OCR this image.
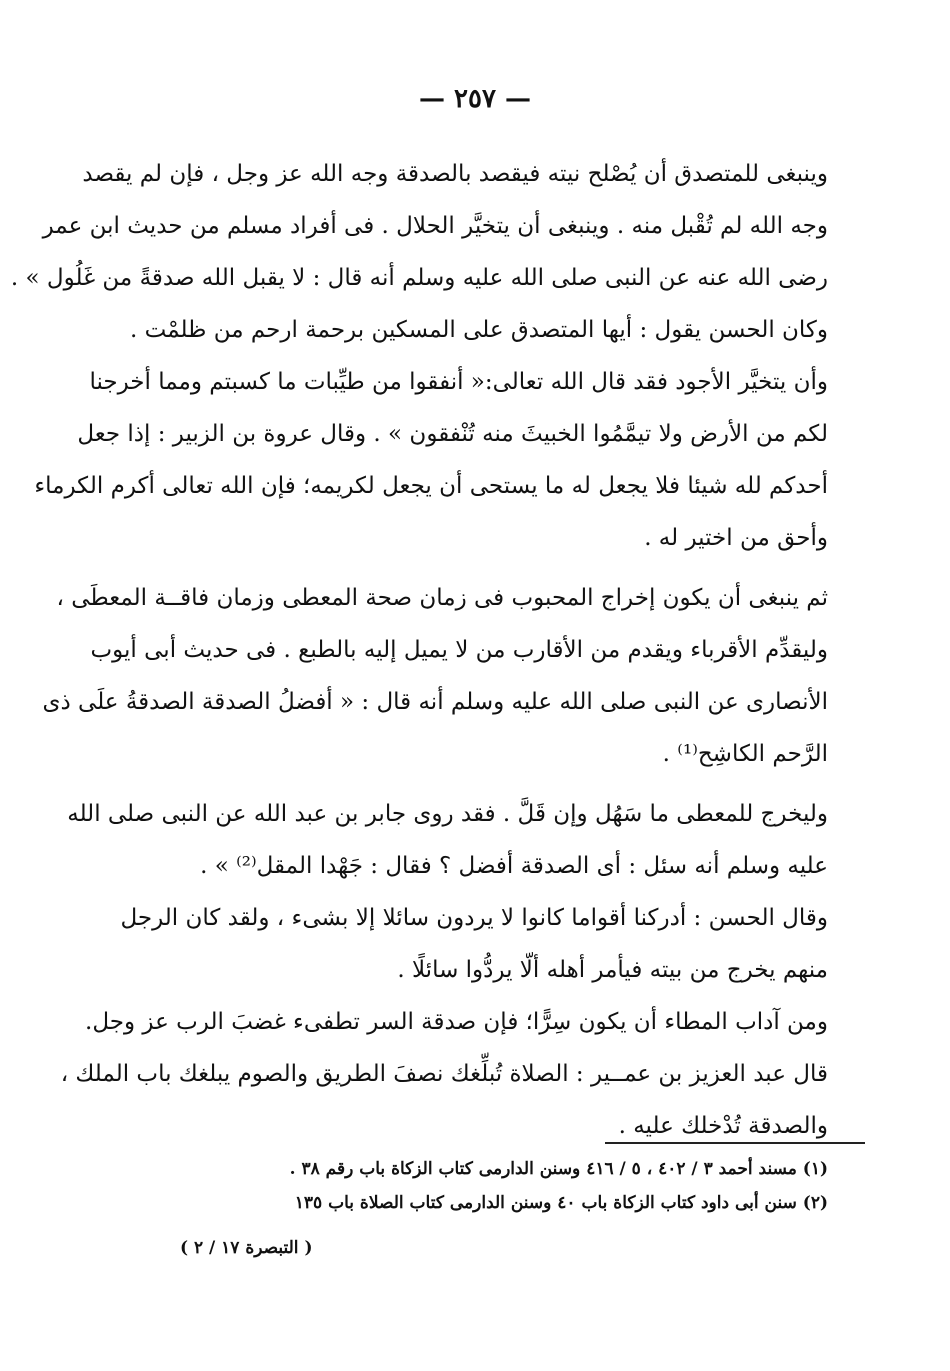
— ٢٥٧ —
وينبغى للمتصدق أن يُصْلح نيته فيقصد بالصدقة وجه الله عز وجل ، فإن لم يقصد
وجه الله لم تُقْبل منه . وينبغى أن يتخيَّر الحلال . فى أفراد مسلم من حديث ابن عمر
رضى الله عنه عن النبى صلى الله عليه وسلم أنه قال : لا يقبل الله صدقةً من غَلُول » .
وكان الحسن يقول : أيها المتصدق على المسكين برحمة ارحم من ظلمْت .
وأن يتخيَّر الأجود فقد قال الله تعالى:« أنفقوا من طيِّبات ما كسبتم ومما أخرجنا
لكم من الأرض ولا تيمَّمُوا الخبيثَ منه تُنْفقون » . وقال عروة بن الزبير : إذا جعل
أحدكم لله شيئا فلا يجعل له ما يستحى أن يجعل لكريمه؛ فإن الله تعالى أكرم الكرماء
وأحق من اختير له .
ثم ينبغى أن يكون إخراج المحبوب فى زمان صحة المعطى وزمان فاقــة المعطَى ،
وليقدِّم الأقرباء ويقدم من الأقارب من لا يميل إليه بالطبع . فى حديث أبى أيوب
الأنصارى عن النبى صلى الله عليه وسلم أنه قال : « أفضلُ الصدقة الصدقةُ علَى ذى
الرَّحم الكاشِح⁽¹⁾ .
وليخرج للمعطى ما سَهُل وإن قَلَّ . فقد روى جابر بن عبد الله عن النبى صلى الله
عليه وسلم أنه سئل : أى الصدقة أفضل ؟ فقال : جَهْدا المقل⁽²⁾ » .
وقال الحسن : أدركنا أقواما كانوا لا يردون سائلا إلا بشىء ، ولقد كان الرجل
منهم يخرج من بيته فيأمر أهله ألّا يردُّوا سائلًا .
ومن آداب المطاء أن يكون سِرًّا؛ فإن صدقة السر تطفىء غضبَ الرب عز وجل.
قال عبد العزيز بن عمــير : الصلاة تُبلِّغك نصفَ الطريق والصوم يبلغك باب الملك ،
والصدقة تُدْخلك عليه .
(١) مسند أحمد ٣ / ٤٠٢ ، ٥ / ٤١٦ وسنن الدارمى كتاب الزكاة باب رقم ٣٨ .
(٢) سنن أبى داود كتاب الزكاة باب ٤٠ وسنن الدارمى كتاب الصلاة باب ١٣٥
( التبصرة ١٧ / ٢ )
